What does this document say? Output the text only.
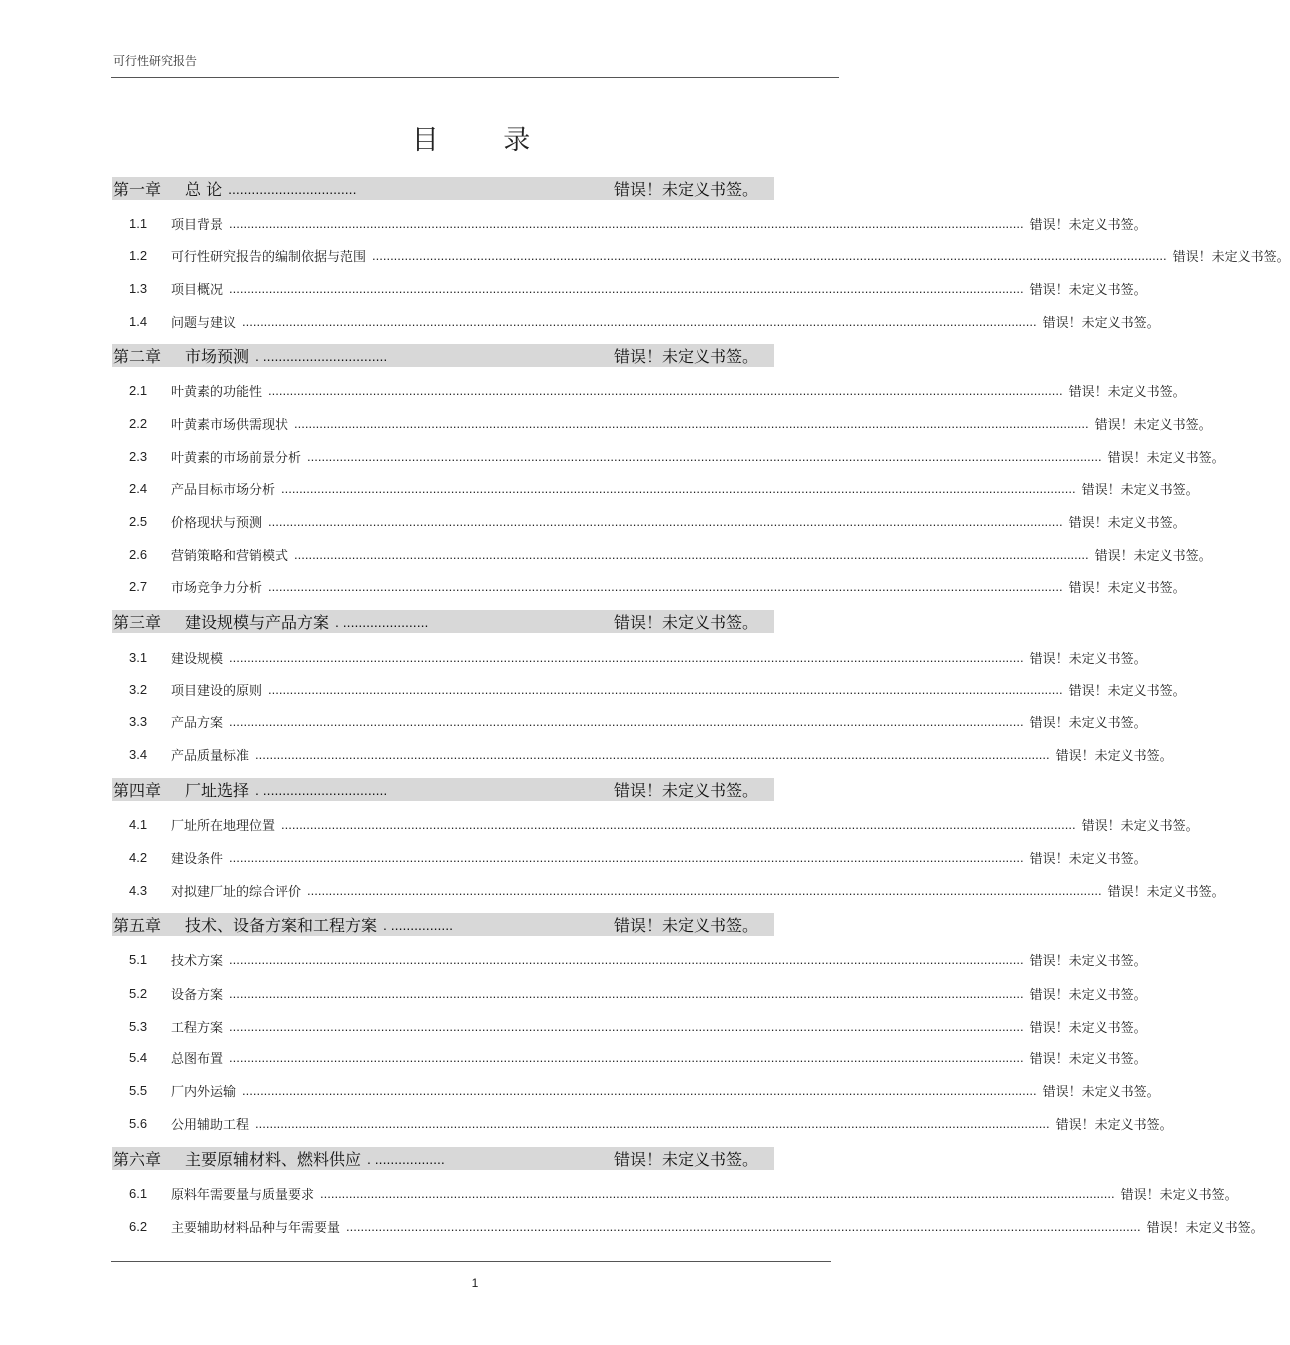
可行性研究报告
目 录
第一章	总 论 .................................	错误！未定义书签。
1.1	项目背景 ............................................................................................................................................................................................................................ 错误！未定义书签。
1.2	可行性研究报告的编制依据与范围 ............................................................................................................................................................................................................................ 错误！未定义书签。
1.3	项目概况 ............................................................................................................................................................................................................................ 错误！未定义书签。
1.4	问题与建议 ............................................................................................................................................................................................................................ 错误！未定义书签。
第二章	市场预测 . ................................	错误！未定义书签。
2.1	叶黄素的功能性 ............................................................................................................................................................................................................................ 错误！未定义书签。
2.2	叶黄素市场供需现状 ............................................................................................................................................................................................................................ 错误！未定义书签。
2.3	叶黄素的市场前景分析 ............................................................................................................................................................................................................................ 错误！未定义书签。
2.4	产品目标市场分析 ............................................................................................................................................................................................................................ 错误！未定义书签。
2.5	价格现状与预测 ............................................................................................................................................................................................................................ 错误！未定义书签。
2.6	营销策略和营销模式 ............................................................................................................................................................................................................................ 错误！未定义书签。
2.7	市场竞争力分析 ............................................................................................................................................................................................................................ 错误！未定义书签。
第三章	建设规模与产品方案 . ......................	错误！未定义书签。
3.1	建设规模 ............................................................................................................................................................................................................................ 错误！未定义书签。
3.2	项目建设的原则 ............................................................................................................................................................................................................................ 错误！未定义书签。
3.3	产品方案 ............................................................................................................................................................................................................................ 错误！未定义书签。
3.4	产品质量标准 ............................................................................................................................................................................................................................ 错误！未定义书签。
第四章	厂址选择 . ................................	错误！未定义书签。
4.1	厂址所在地理位置 ............................................................................................................................................................................................................................ 错误！未定义书签。
4.2	建设条件 ............................................................................................................................................................................................................................ 错误！未定义书签。
4.3	对拟建厂址的综合评价 ............................................................................................................................................................................................................................ 错误！未定义书签。
第五章	技术、设备方案和工程方案 . ................	错误！未定义书签。
5.1	技术方案 ............................................................................................................................................................................................................................ 错误！未定义书签。
5.2	设备方案 ............................................................................................................................................................................................................................ 错误！未定义书签。
5.3	工程方案 ............................................................................................................................................................................................................................ 错误！未定义书签。
5.4	总图布置 ............................................................................................................................................................................................................................ 错误！未定义书签。
5.5	厂内外运输 ............................................................................................................................................................................................................................ 错误！未定义书签。
5.6	公用辅助工程 ............................................................................................................................................................................................................................ 错误！未定义书签。
第六章	主要原辅材料、燃料供应 . ..................	错误！未定义书签。
6.1	原料年需要量与质量要求 ............................................................................................................................................................................................................................ 错误！未定义书签。
6.2	主要辅助材料品种与年需要量 ............................................................................................................................................................................................................................ 错误！未定义书签。
1
